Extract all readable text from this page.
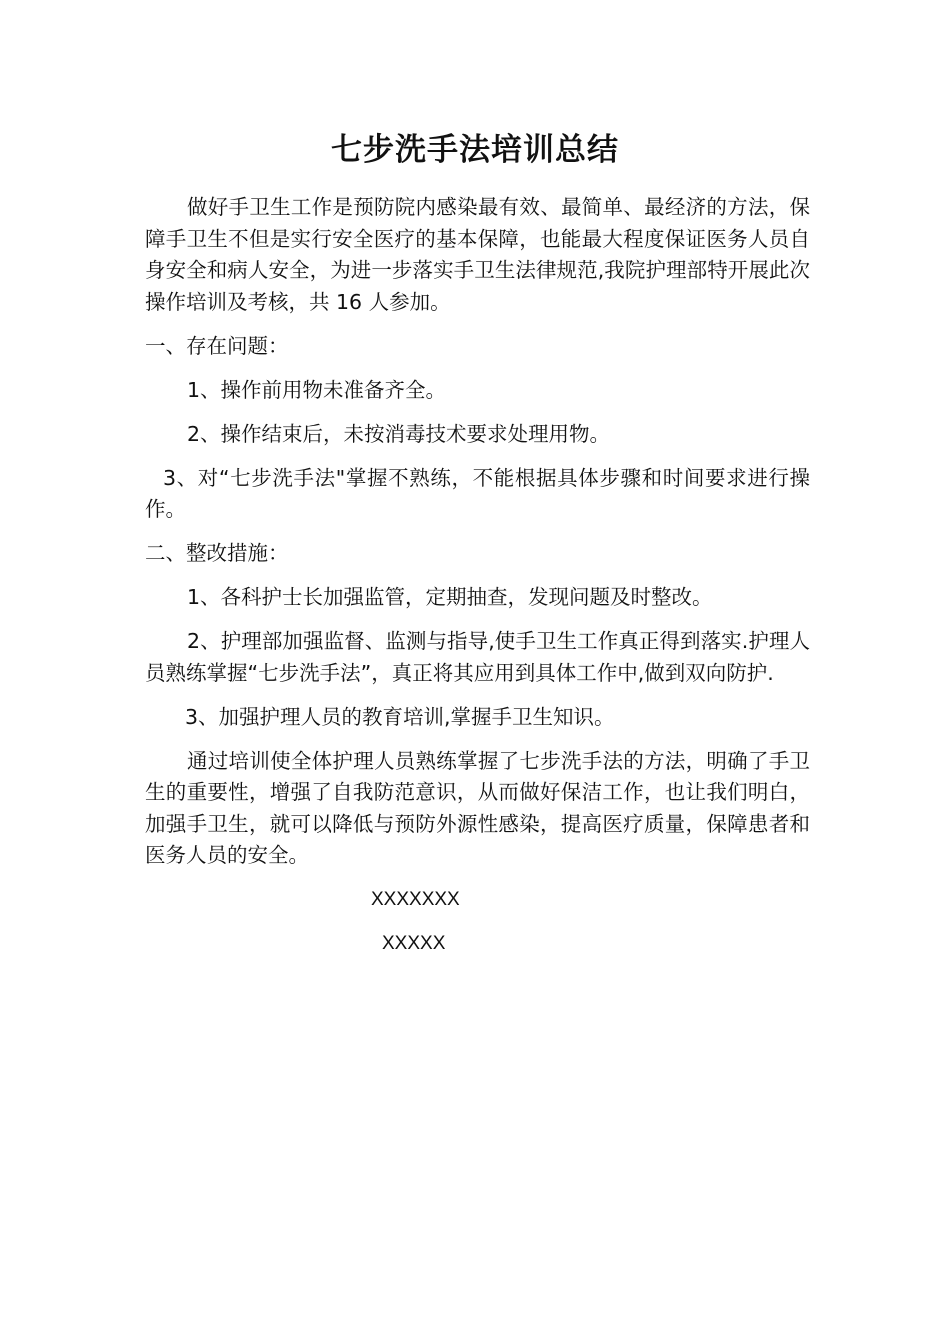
七步洗手法培训总结

做好手卫生工作是预防院内感染最有效、最简单、最经济的方法，保障手卫生不但是实行安全医疗的基本保障，也能最大程度保证医务人员自身安全和病人安全，为进一步落实手卫生法律规范,我院护理部特开展此次操作培训及考核，共 16 人参加。

一、存在问题：

1、操作前用物未准备齐全。

2、操作结束后，未按消毒技术要求处理用物。

3、对“七步洗手法"掌握不熟练，不能根据具体步骤和时间要求进行操作。

二、整改措施：

1、各科护士长加强监管，定期抽查，发现问题及时整改。

2、护理部加强监督、监测与指导,使手卫生工作真正得到落实.护理人员熟练掌握“七步洗手法”，真正将其应用到具体工作中,做到双向防护.

3、加强护理人员的教育培训,掌握手卫生知识。

通过培训使全体护理人员熟练掌握了七步洗手法的方法，明确了手卫生的重要性，增强了自我防范意识，从而做好保洁工作，也让我们明白，加强手卫生，就可以降低与预防外源性感染，提高医疗质量，保障患者和医务人员的安全。

XXXXXXX
XXXXX
